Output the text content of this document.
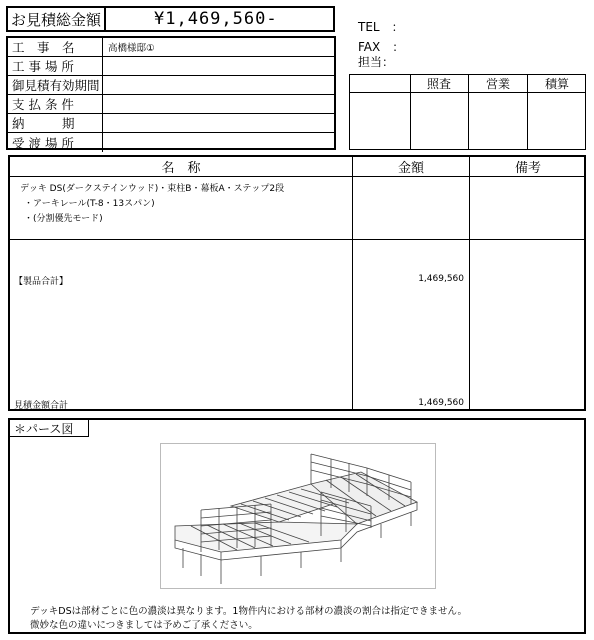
お見積総金額	¥1,469,560-
工　事　名	高橋様邸①
工 事 場 所
御見積有効期間
支 払 条 件
納　　　期
受 渡 場 所
TEL　：
FAX　：
担当：
照査	営業	積算
名　称	金額	備考
デッキ DS(ダークステインウッド)・束柱B・幕板A・ステップ2段
・アーキレール(T-8・13スパン)
・(分割優先モード)
【製品合計】	1,469,560
見積金額合計	1,469,560
＊パース図
デッキDSは部材ごとに色の濃淡は異なります。1物件内における部材の濃淡の割合は指定できません。
微妙な色の違いにつきましては予めご了承ください。
